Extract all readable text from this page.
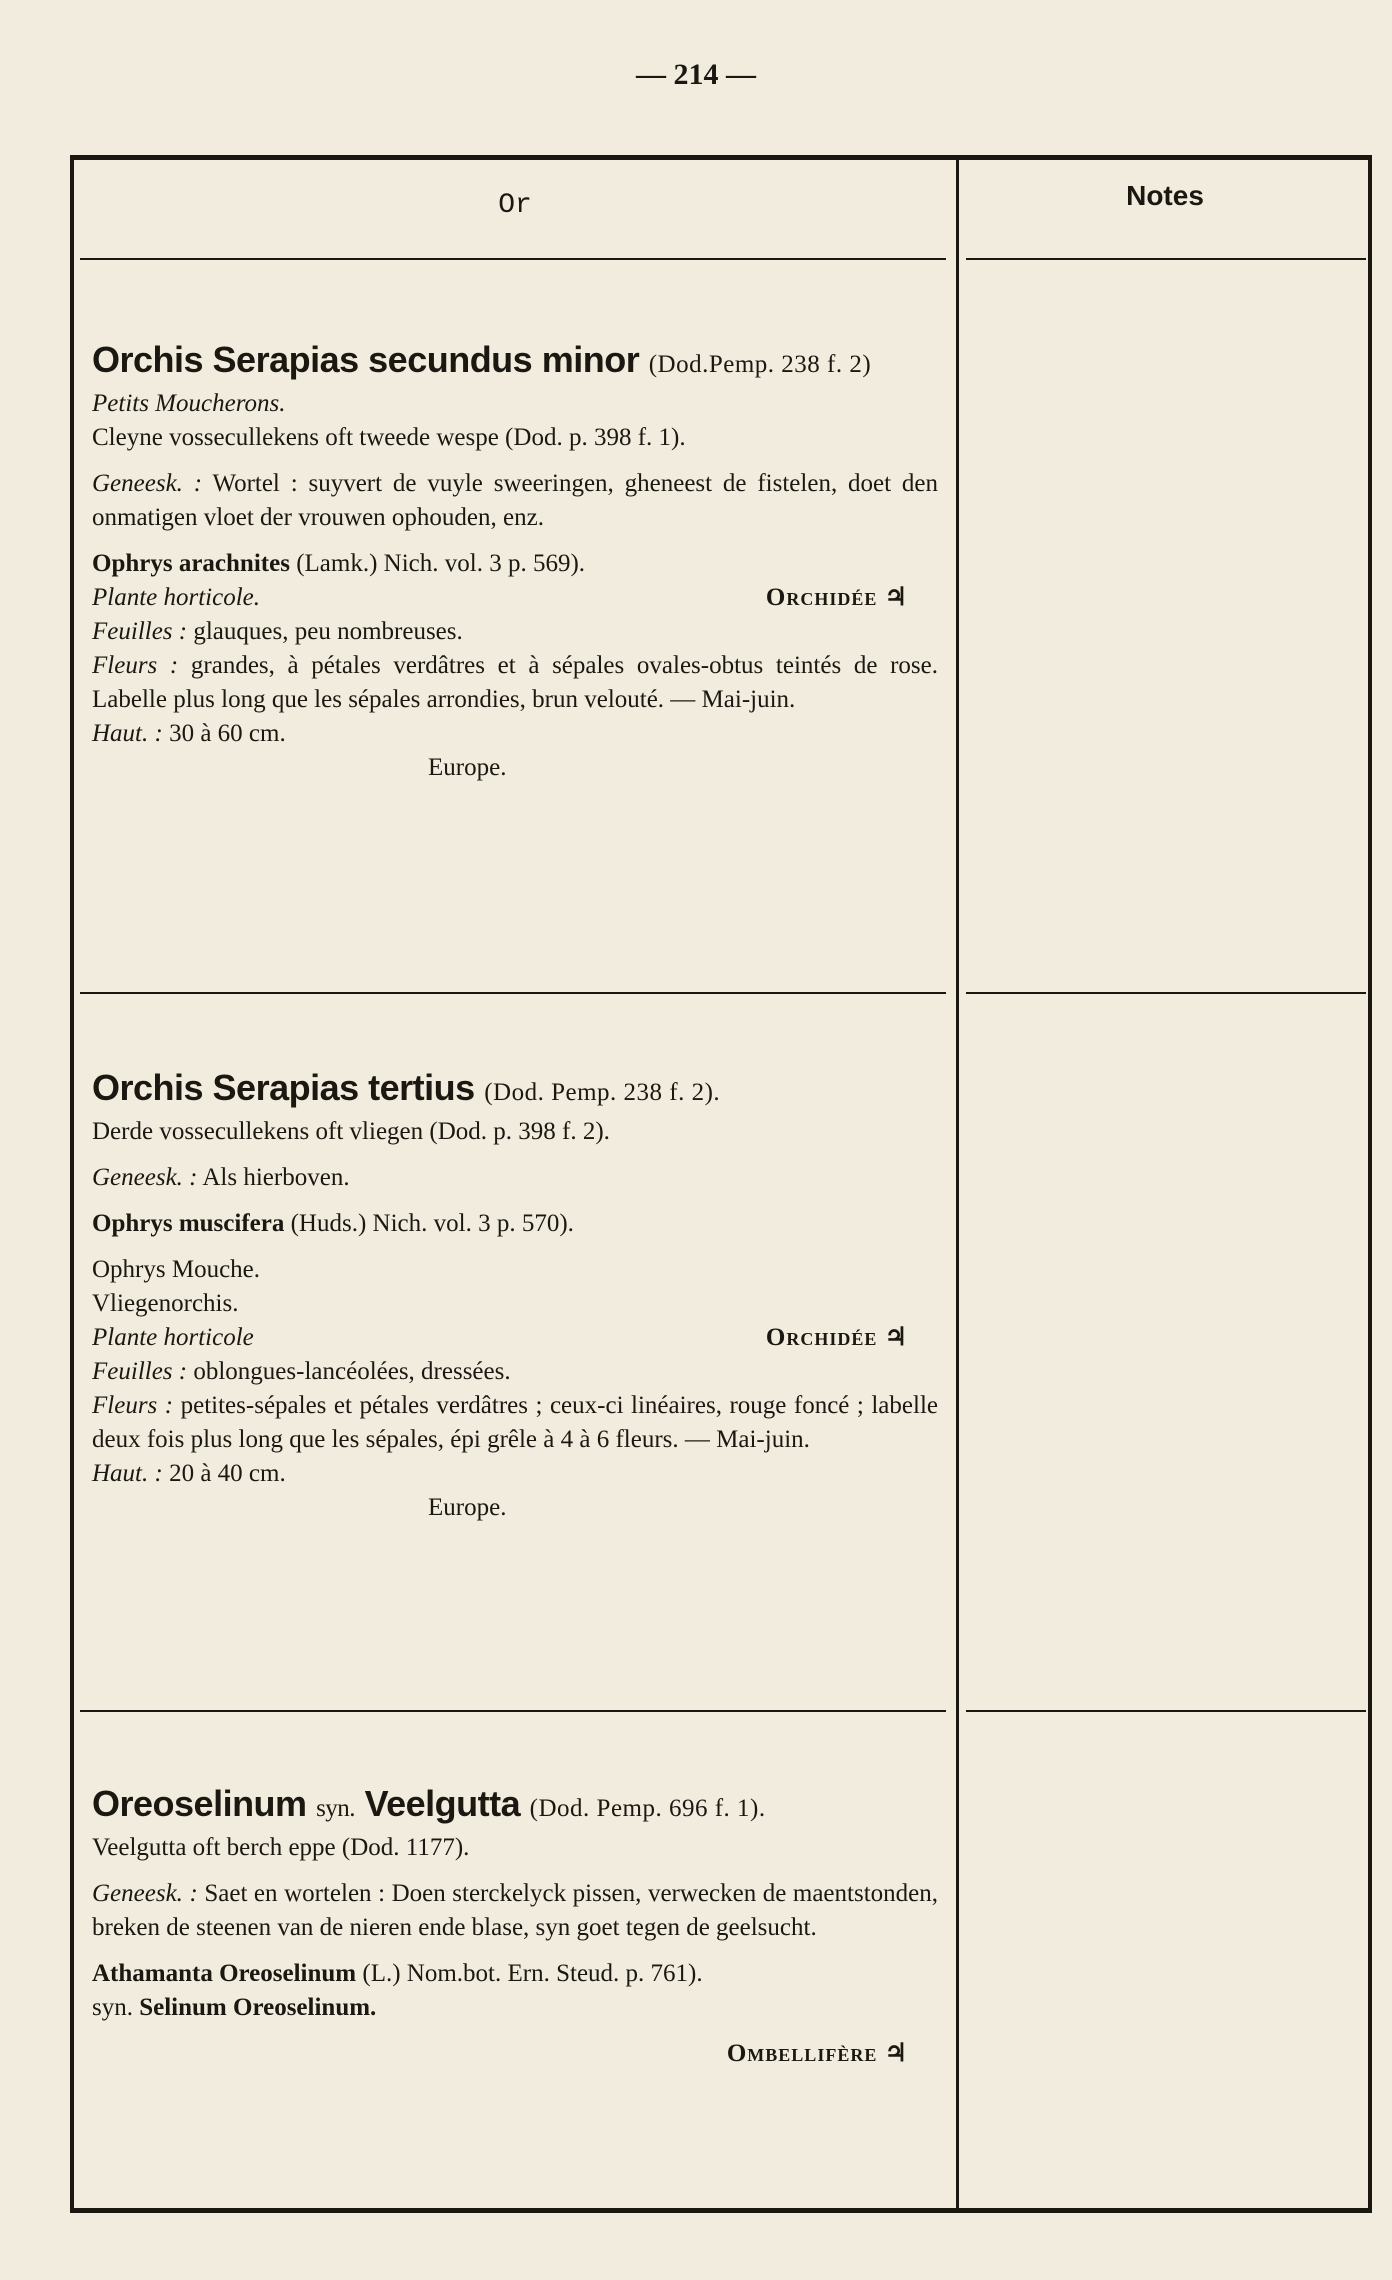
— 214 —
Or	Notes
Orchis Serapias secundus minor (Dod.Pemp. 238 f. 2)

Petits Moucherons.

Cleyne vossecullekens oft tweede wespe (Dod. p. 398 f. 1).

Geneesk. : Wortel : suyvert de vuyle sweeringen, gheneest de fistelen, doet den onmatigen vloet der vrouwen ophouden, enz.

Ophrys arachnites (Lamk.) Nich. vol. 3 p. 569).

Plante horticole.	Orchidée ♃

Feuilles : glauques, peu nombreuses.

Fleurs : grandes, à pétales verdâtres et à sépales ovales-obtus teintés de rose. Labelle plus long que les sépales arrondies, brun velouté. — Mai-juin.

Haut. : 30 à 60 cm.

Europe.

Orchis Serapias tertius (Dod. Pemp. 238 f. 2).

Derde vossecullekens oft vliegen (Dod. p. 398 f. 2).

Geneesk. : Als hierboven.

Ophrys muscifera (Huds.) Nich. vol. 3 p. 570).

Ophrys Mouche.

Vliegenorchis.

Plante horticole	Orchidée ♃

Feuilles : oblongues-lancéolées, dressées.

Fleurs : petites-sépales et pétales verdâtres ; ceux-ci linéaires, rouge foncé ; labelle deux fois plus long que les sépales, épi grêle à 4 à 6 fleurs. — Mai-juin.

Haut. : 20 à 40 cm.

Europe.

Oreoselinum syn. Veelgutta (Dod. Pemp. 696 f. 1).

Veelgutta oft berch eppe (Dod. 1177).

Geneesk. : Saet en wortelen : Doen sterckelyck pissen, verwecken de maentstonden, breken de steenen van de nieren ende blase, syn goet tegen de geelsucht.

Athamanta Oreoselinum (L.) Nom.bot. Ern. Steud. p. 761).

syn. Selinum Oreoselinum.

Ombellifère ♃
